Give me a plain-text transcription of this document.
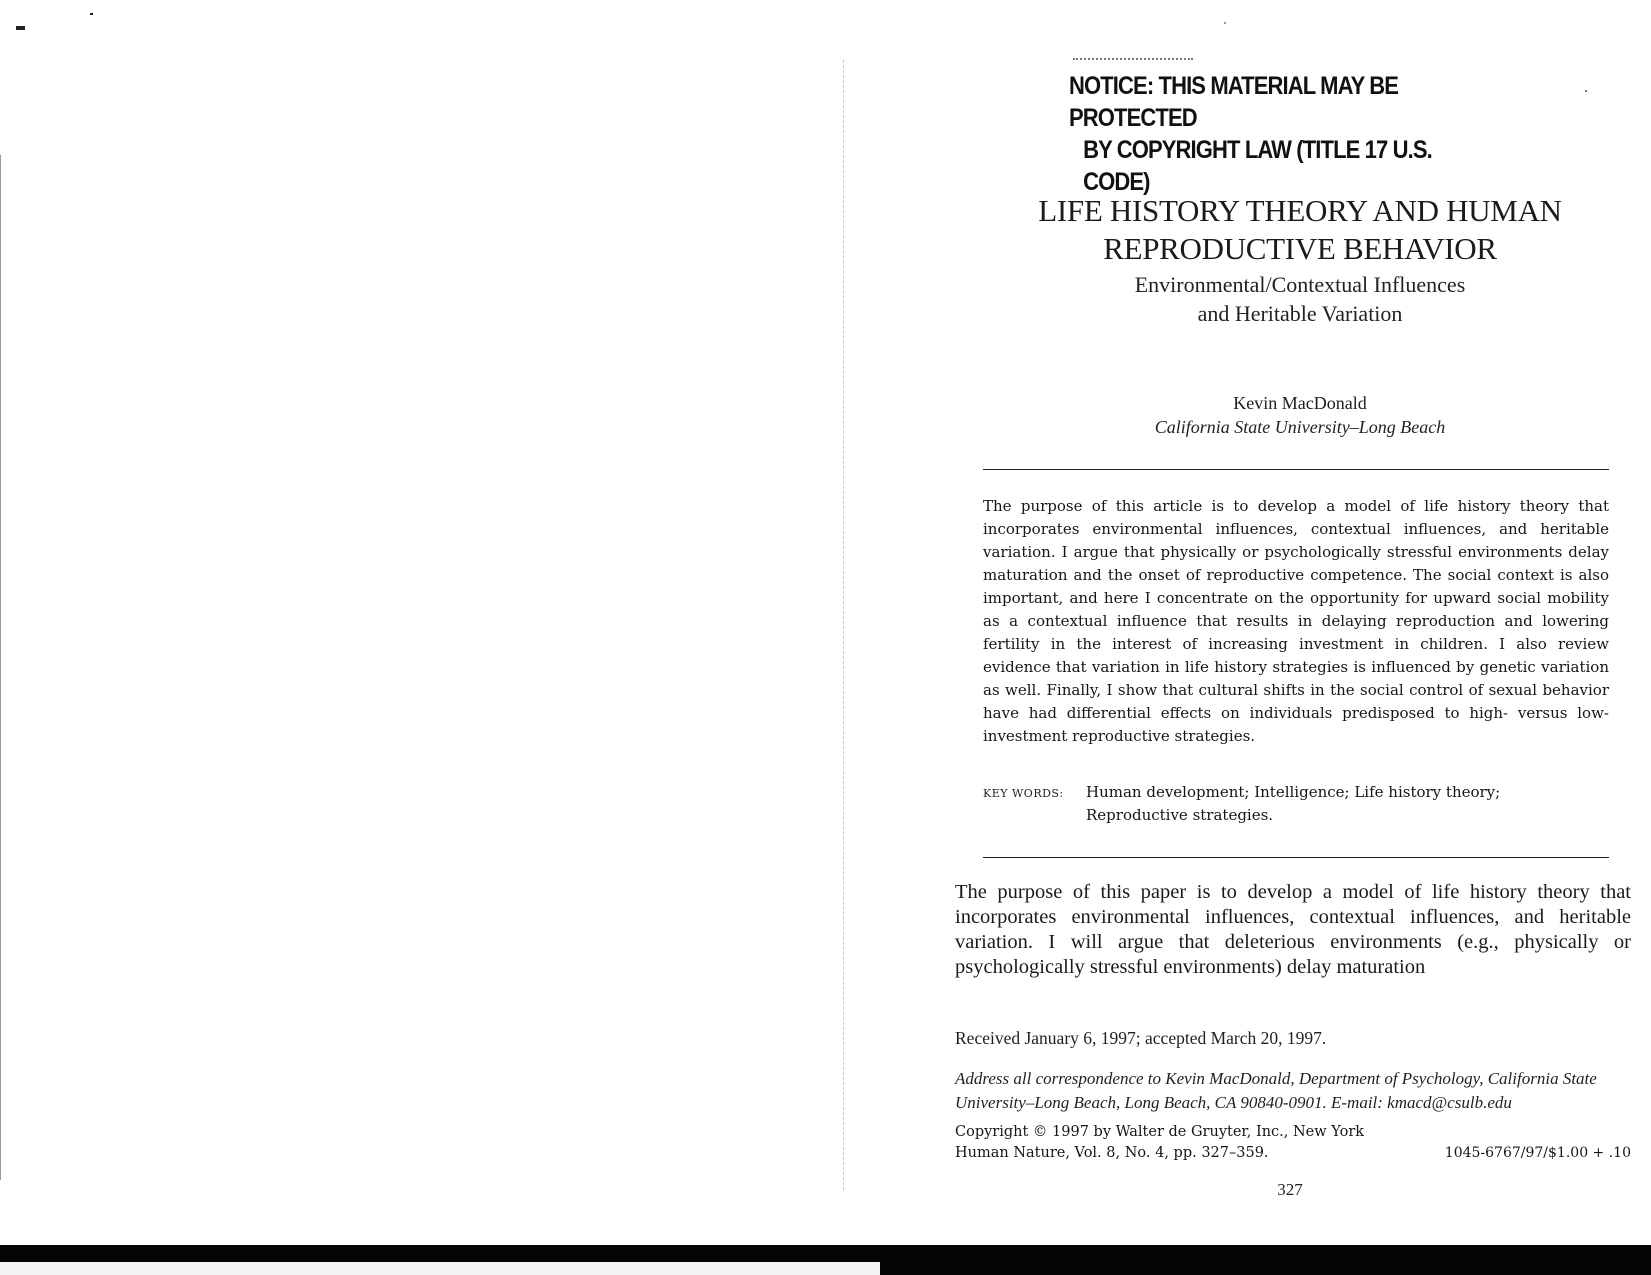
NOTICE: THIS MATERIAL MAY BE PROTECTED
BY COPYRIGHT LAW (TITLE 17 U.S. CODE)
LIFE HISTORY THEORY AND HUMAN
REPRODUCTIVE BEHAVIOR
Environmental/Contextual Influences
and Heritable Variation
Kevin MacDonald
California State University–Long Beach

The purpose of this article is to develop a model of life history theory that incorporates environmental influences, contextual influences, and heritable variation. I argue that physically or psychologically stressful environments delay maturation and the onset of reproductive competence. The social context is also important, and here I concentrate on the opportunity for upward social mobility as a contextual influence that results in delaying reproduction and lowering fertility in the interest of increasing investment in children. I also review evidence that variation in life history strategies is influenced by genetic variation as well. Finally, I show that cultural shifts in the social control of sexual behavior have had differential effects on individuals predisposed to high- versus low-investment reproductive strategies.

KEY WORDS: Human development; Intelligence; Life history theory; Reproductive strategies.

The purpose of this paper is to develop a model of life history theory that incorporates environmental influences, contextual influences, and heritable variation. I will argue that deleterious environments (e.g., physically or psychologically stressful environments) delay maturation

Received January 6, 1997; accepted March 20, 1997.

Address all correspondence to Kevin MacDonald, Department of Psychology, California State University–Long Beach, Long Beach, CA 90840-0901. E-mail: kmacd@csulb.edu

Copyright © 1997 by Walter de Gruyter, Inc., New York
Human Nature, Vol. 8, No. 4, pp. 327–359.	1045-6767/97/$1.00 + .10
327
